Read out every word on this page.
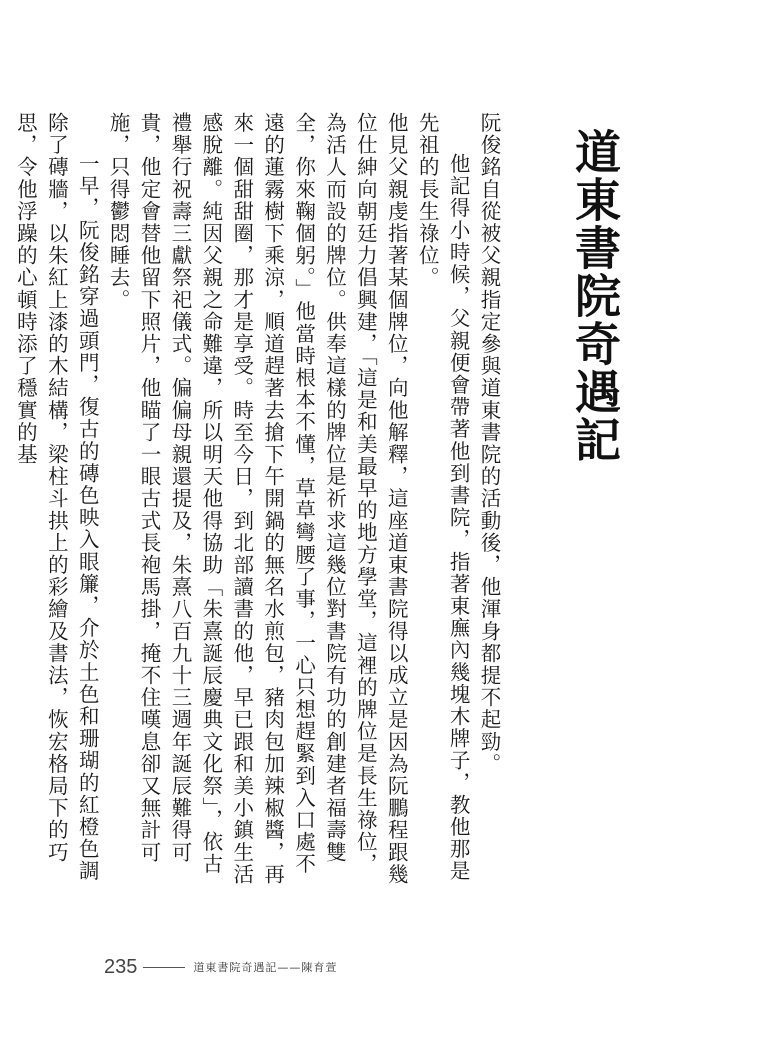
道東書院奇遇記

阮俊銘自從被父親指定參與道東書院的活動後，他渾身都提不起勁。

他記得小時候，父親便會帶著他到書院，指著東廡內幾塊木牌子，教他那是先祖的長生祿位。

他見父親虔指著某個牌位，向他解釋，這座道東書院得以成立是因為阮鵬程跟幾位仕紳向朝廷力倡興建，「這是和美最早的地方學堂，這裡的牌位是長生祿位，為活人而設的牌位。供奉這樣的牌位是祈求這幾位對書院有功的創建者福壽雙全，你來鞠個躬。」他當時根本不懂，草草彎腰了事，一心只想趕緊到入口處不遠的蓮霧樹下乘涼，順道趕著去搶下午開鍋的無名水煎包，豬肉包加辣椒醬，再來一個甜甜圈，那才是享受。時至今日，到北部讀書的他，早已跟和美小鎮生活感脫離。純因父親之命難違，所以明天他得協助「朱熹誕辰慶典文化祭」，依古禮舉行祝壽三獻祭祀儀式。偏偏母親還提及，朱熹八百九十三週年誕辰難得可貴，他定會替他留下照片，他瞄了一眼古式長袍馬掛，掩不住嘆息卻又無計可施，只得鬱悶睡去。

一早，阮俊銘穿過頭門，復古的磚色映入眼簾，介於土色和珊瑚的紅橙色調除了磚牆，以朱紅上漆的木結構，梁柱斗拱上的彩繪及書法，恢宏格局下的巧思，令他浮躁的心頓時添了穩實的基

235	道東書院奇遇記——陳育萱
